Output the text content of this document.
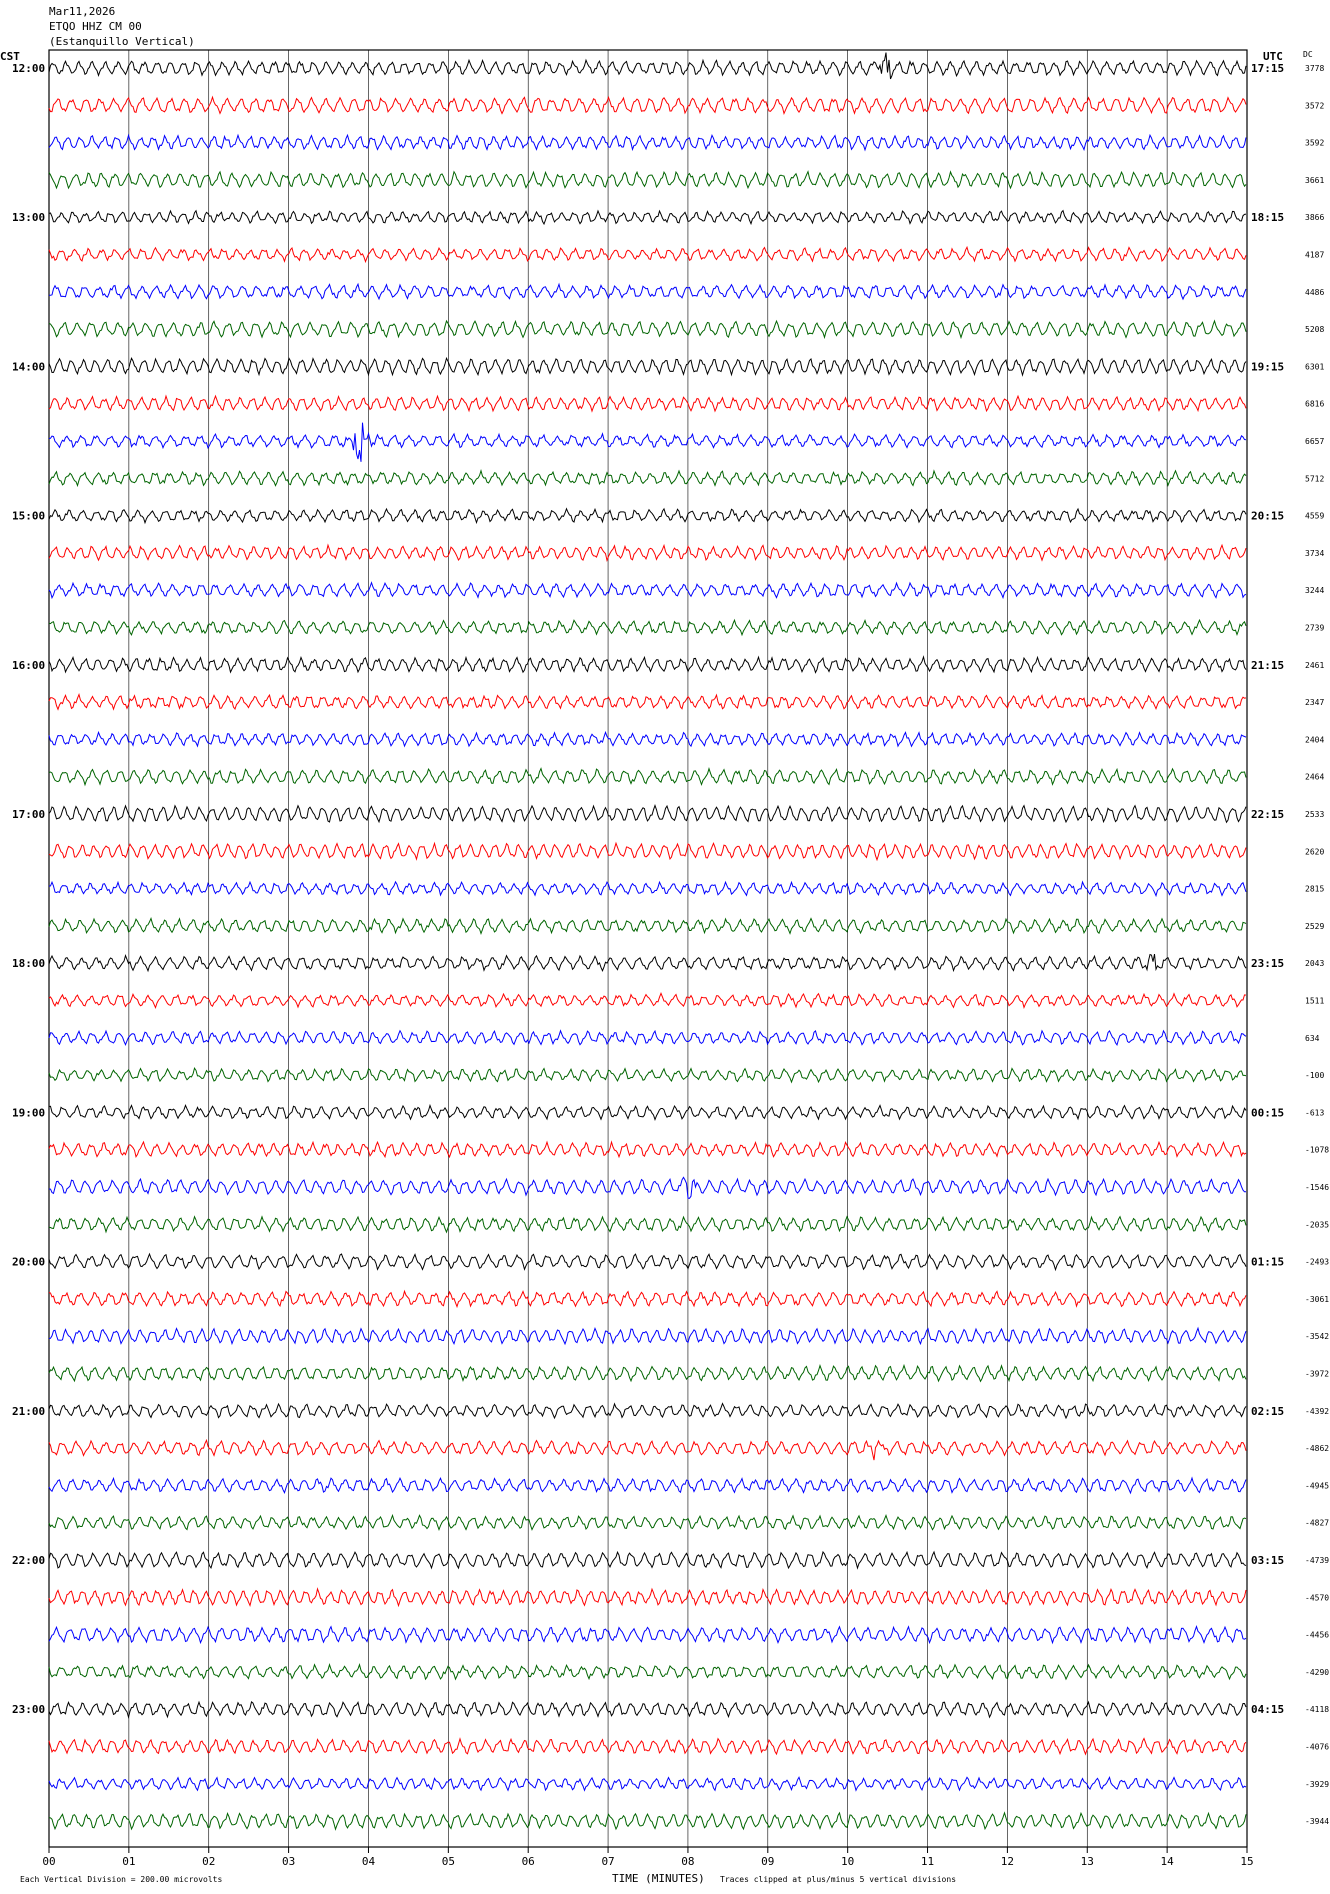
Mar11,2026
ETQO HHZ CM 00
(Estanquillo Vertical)
CST	UTC	DC
12:00
13:00
14:00
15:00
16:00
17:00
18:00
19:00
20:00
21:00
22:00
23:00
17:15
18:15
19:15
20:15
21:15
22:15
23:15
00:15
01:15
02:15
03:15
04:15
3778
3572
3592
3661
3866
4187
4486
5208
6301
6816
6657
5712
4559
3734
3244
2739
2461
2347
2404
2464
2533
2620
2815
2529
2043
1511
634
-100
-613
-1078
-1546
-2035
-2493
-3061
-3542
-3972
-4392
-4862
-4945
-4827
-4739
-4570
-4456
-4290
-4118
-4076
-3929
-3944
00	01	02	03	04	05	06	07	08	09	10	11	12	13	14	15
Each Vertical Division = 200.00 microvolts	TIME (MINUTES) Traces clipped at plus/minus 5 vertical divisions
